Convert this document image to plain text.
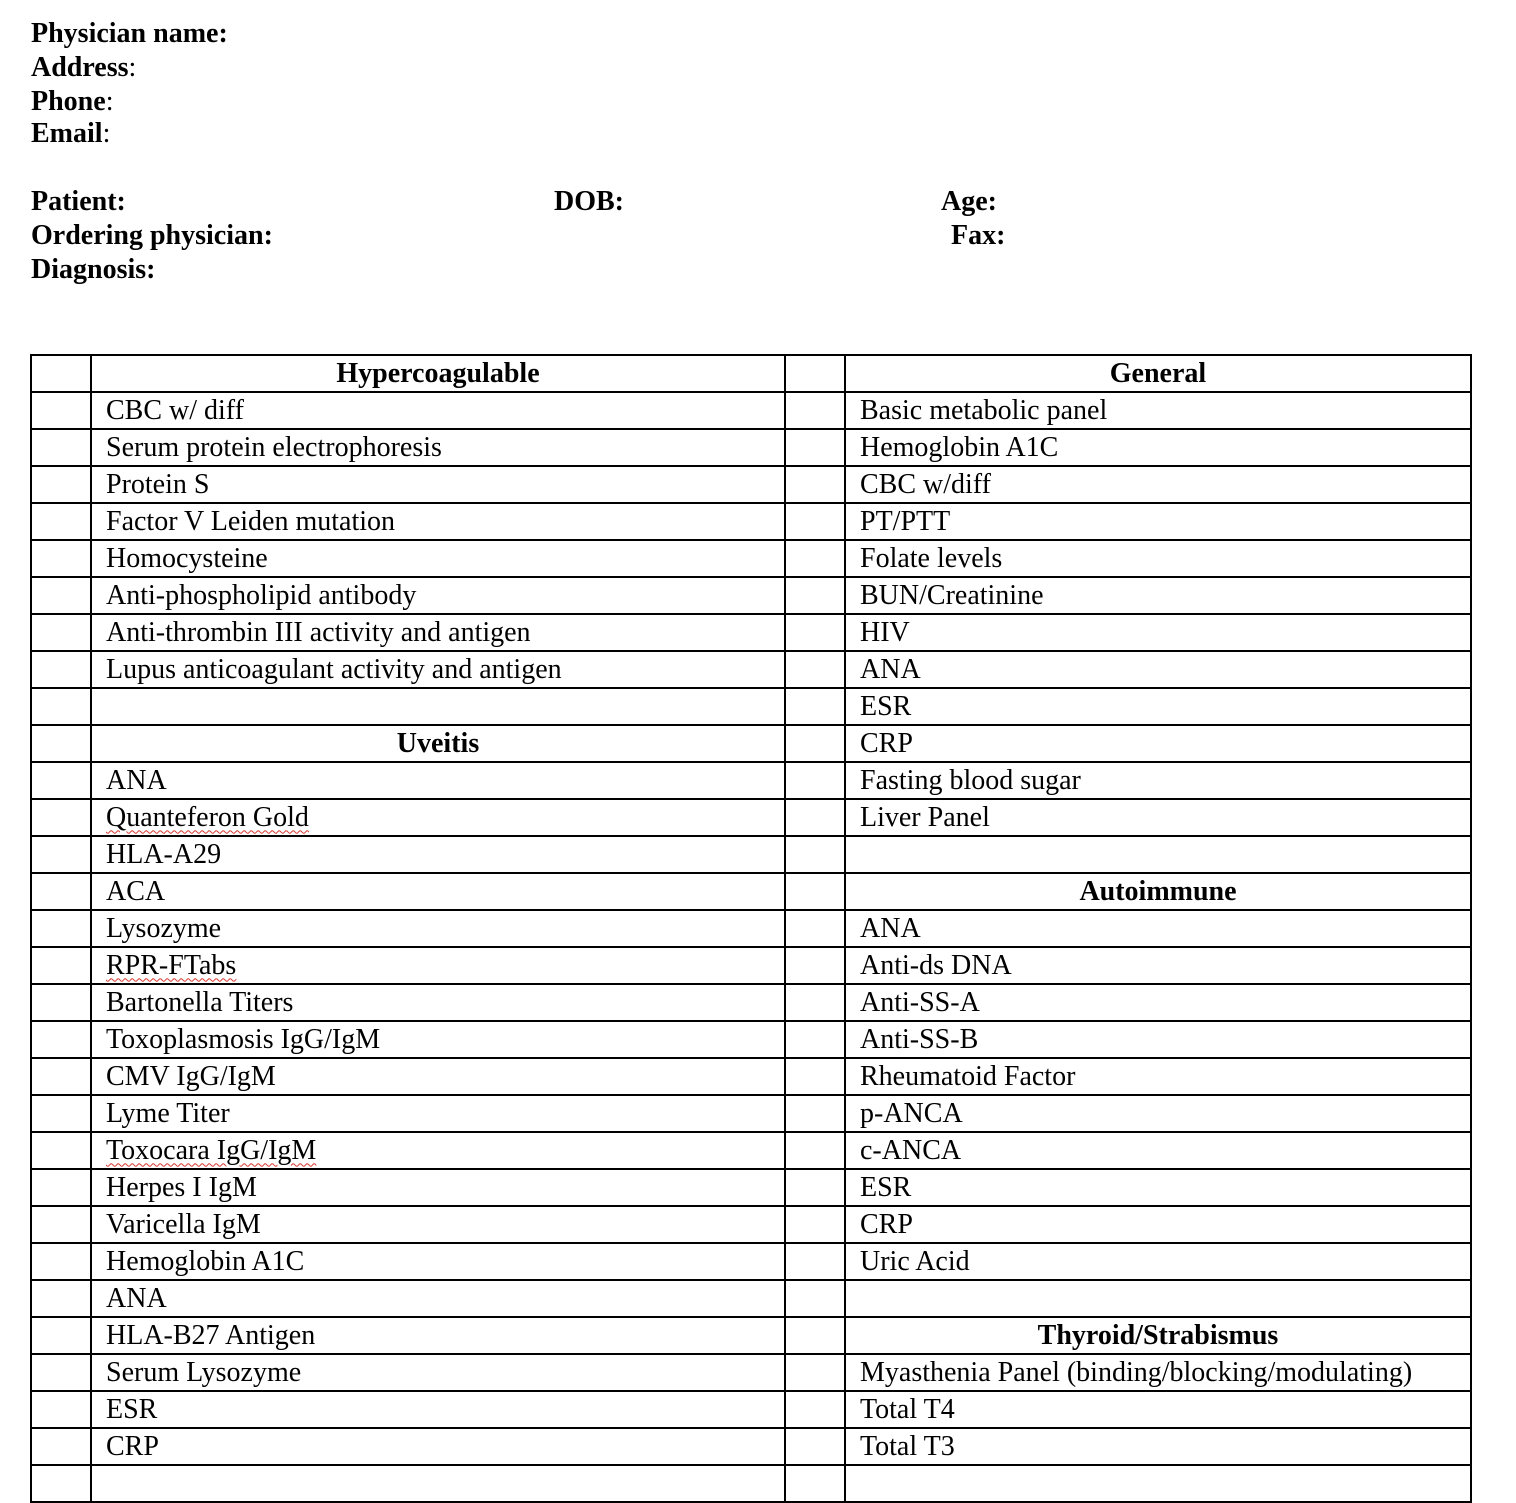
Physician name:
Address:
Phone:
Email:
Patient:	DOB:	Age:
Ordering physician:	Fax:
Diagnosis:
	Hypercoagulable		General
	CBC w/ diff		Basic metabolic panel
	Serum protein electrophoresis		Hemoglobin A1C
	Protein S		CBC w/diff
	Factor V Leiden mutation		PT/PTT
	Homocysteine		Folate levels
	Anti-phospholipid antibody		BUN/Creatinine
	Anti-thrombin III activity and antigen		HIV
	Lupus anticoagulant activity and antigen		ANA
			ESR
	Uveitis		CRP
	ANA		Fasting blood sugar
	Quanteferon Gold		Liver Panel
	HLA-A29		
	ACA		Autoimmune
	Lysozyme		ANA
	RPR-FTabs		Anti-ds DNA
	Bartonella Titers		Anti-SS-A
	Toxoplasmosis IgG/IgM		Anti-SS-B
	CMV IgG/IgM		Rheumatoid Factor
	Lyme Titer		p-ANCA
	Toxocara IgG/IgM		c-ANCA
	Herpes I IgM		ESR
	Varicella IgM		CRP
	Hemoglobin A1C		Uric Acid
	ANA		
	HLA-B27 Antigen		Thyroid/Strabismus
	Serum Lysozyme		Myasthenia Panel (binding/blocking/modulating)
	ESR		Total T4
	CRP		Total T3
